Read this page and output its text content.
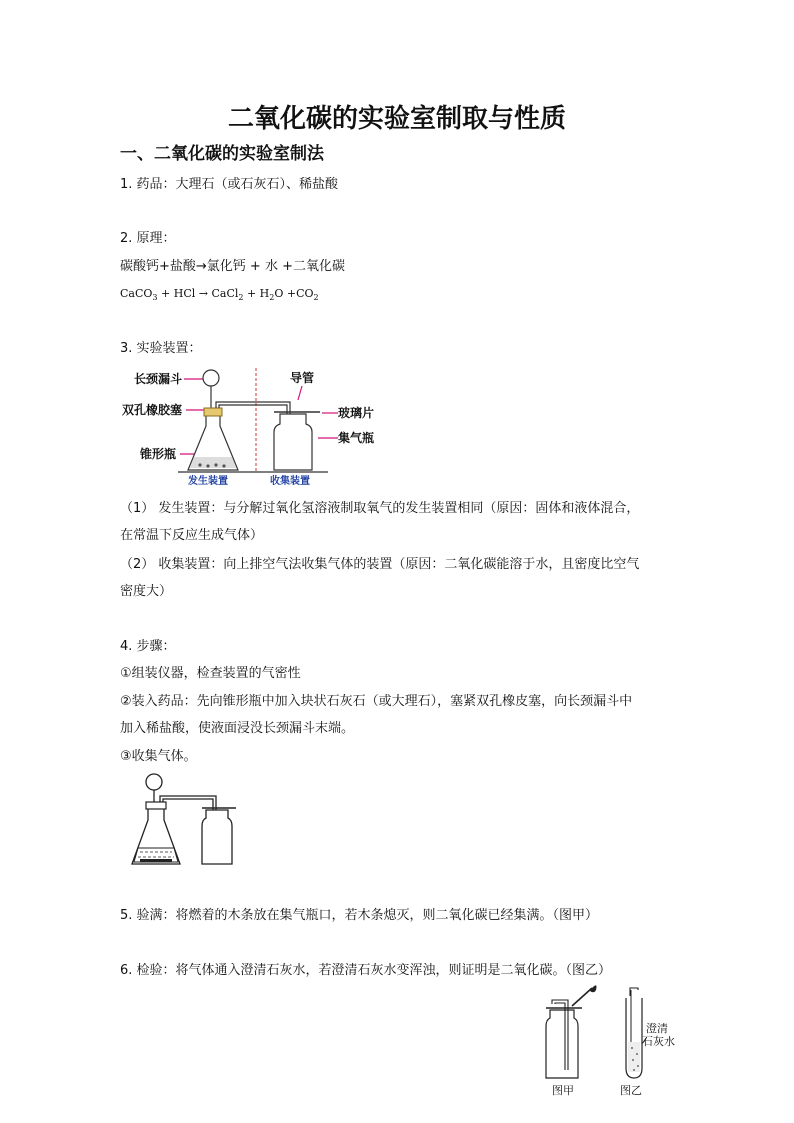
二氧化碳的实验室制取与性质
一、二氧化碳的实验室制法
1. 药品：大理石（或石灰石）、稀盐酸
2. 原理：
碳酸钙+盐酸→氯化钙 + 水 +二氧化碳
CaCO$_3$ + HCl → CaCl$_2$ + $H_2O +CO_2$
3. 实验装置：
长颈漏斗
双孔橡胶塞
锥形瓶
导管
玻璃片
集气瓶
发生装置	收集装置
（1） 发生装置：与分解过氧化氢溶液制取氧气的发生装置相同（原因：固体和液体混合，
在常温下反应生成气体）
（2） 收集装置：向上排空气法收集气体的装置（原因：二氧化碳能溶于水，且密度比空气
密度大）
4. 步骤：
①组装仪器，检查装置的气密性
②装入药品：先向锥形瓶中加入块状石灰石（或大理石），塞紧双孔橡皮塞，向长颈漏斗中
加入稀盐酸，使液面浸没长颈漏斗末端。
③收集气体。
5. 验满：将燃着的木条放在集气瓶口，若木条熄灭，则二氧化碳已经集满。（图甲）
6. 检验：将气体通入澄清石灰水，若澄清石灰水变浑浊，则证明是二氧化碳。（图乙）
图甲
澄清
石灰水
图乙
